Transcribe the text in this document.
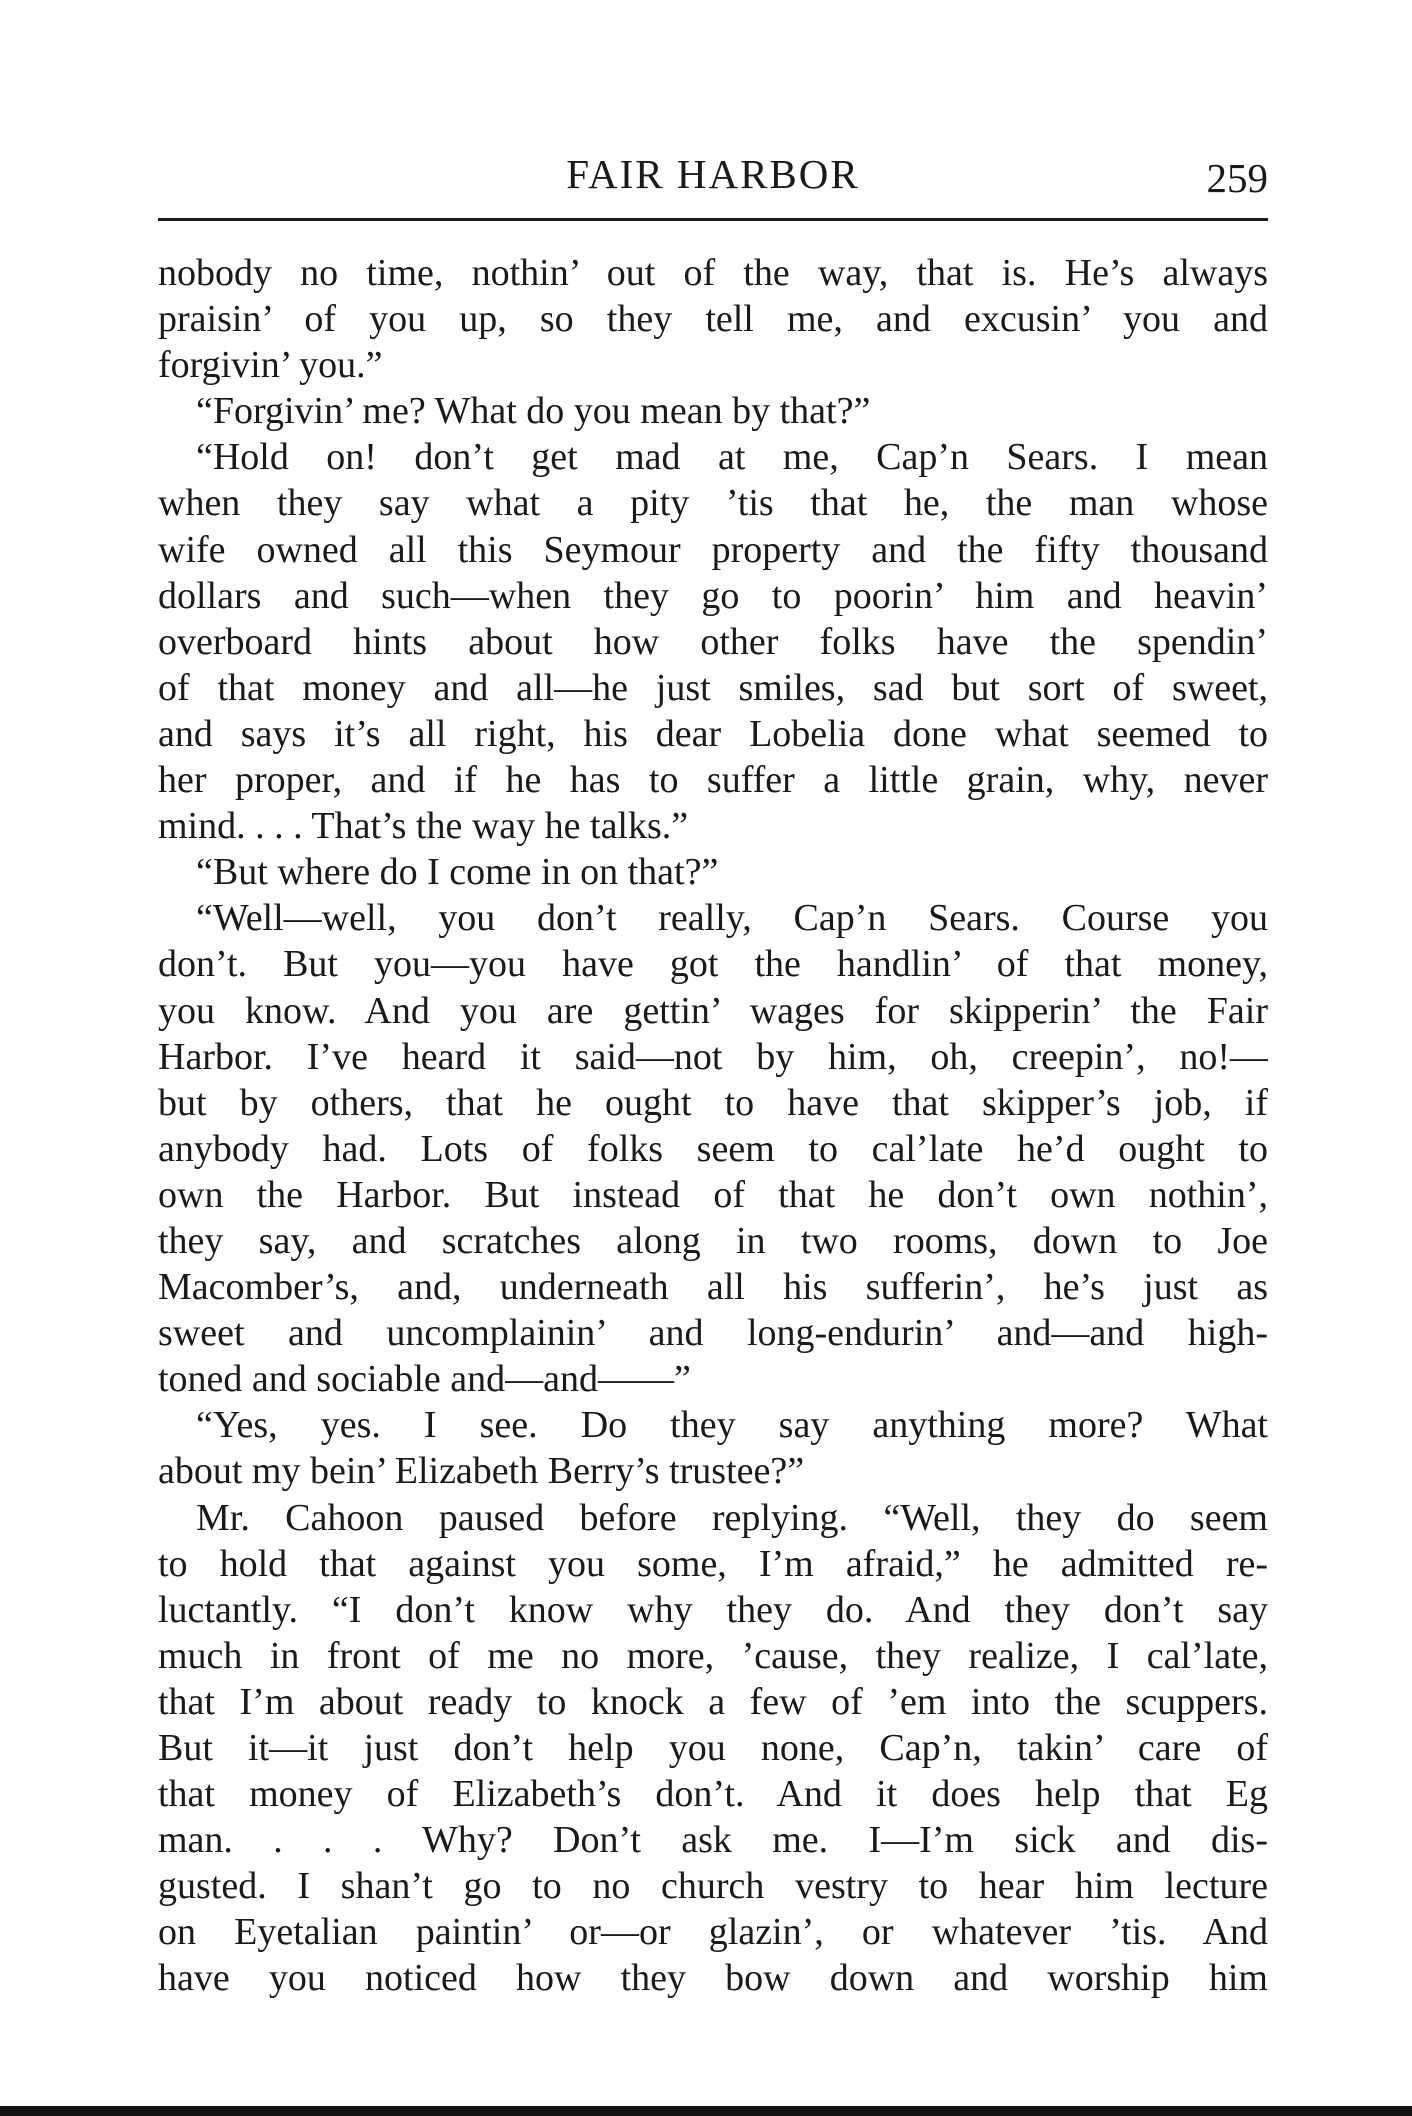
FAIR HARBOR	259
nobody no time, nothin’ out of the way, that is. He’s always
praisin’ of you up, so they tell me, and excusin’ you and
forgivin’ you.”
“Forgivin’ me? What do you mean by that?”
“Hold on! don’t get mad at me, Cap’n Sears. I mean
when they say what a pity ’tis that he, the man whose
wife owned all this Seymour property and the fifty thousand
dollars and such—when they go to poorin’ him and heavin’
overboard hints about how other folks have the spendin’
of that money and all—he just smiles, sad but sort of sweet,
and says it’s all right, his dear Lobelia done what seemed to
her proper, and if he has to suffer a little grain, why, never
mind. . . . That’s the way he talks.”
“But where do I come in on that?”
“Well—well, you don’t really, Cap’n Sears. Course you
don’t. But you—you have got the handlin’ of that money,
you know. And you are gettin’ wages for skipperin’ the Fair
Harbor. I’ve heard it said—not by him, oh, creepin’, no!—
but by others, that he ought to have that skipper’s job, if
anybody had. Lots of folks seem to cal’late he’d ought to
own the Harbor. But instead of that he don’t own nothin’,
they say, and scratches along in two rooms, down to Joe
Macomber’s, and, underneath all his sufferin’, he’s just as
sweet and uncomplainin’ and long-endurin’ and—and high-
toned and sociable and—and——”
“Yes, yes. I see. Do they say anything more? What
about my bein’ Elizabeth Berry’s trustee?”
Mr. Cahoon paused before replying. “Well, they do seem
to hold that against you some, I’m afraid,” he admitted re-
luctantly. “I don’t know why they do. And they don’t say
much in front of me no more, ’cause, they realize, I cal’late,
that I’m about ready to knock a few of ’em into the scuppers.
But it—it just don’t help you none, Cap’n, takin’ care of
that money of Elizabeth’s don’t. And it does help that Eg
man. . . . Why? Don’t ask me. I—I’m sick and dis-
gusted. I shan’t go to no church vestry to hear him lecture
on Eyetalian paintin’ or—or glazin’, or whatever ’tis. And
have you noticed how they bow down and worship him
